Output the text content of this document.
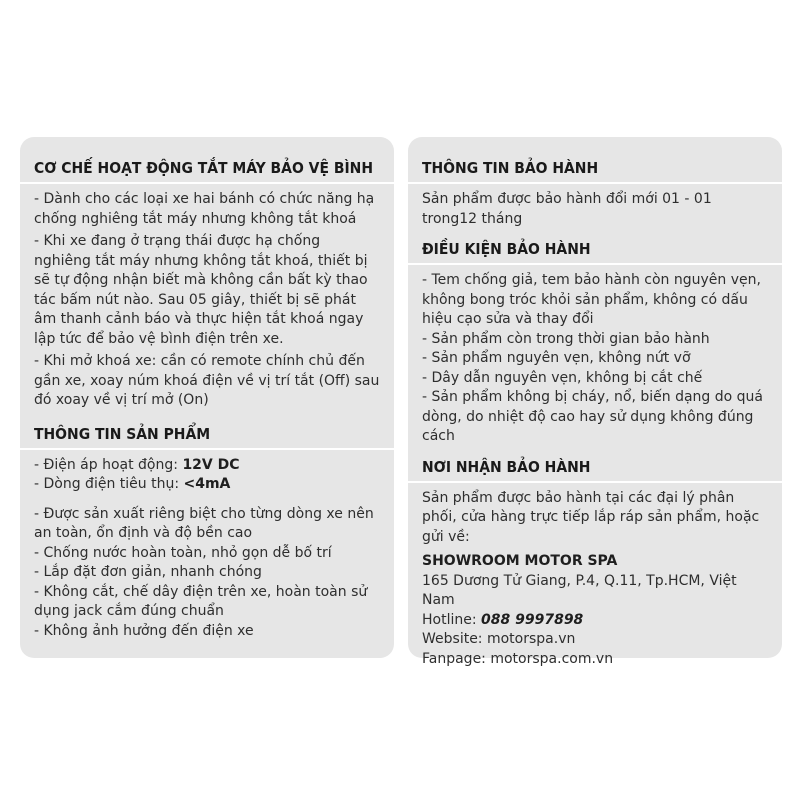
CƠ CHẾ HOẠT ĐỘNG TẮT MÁY BẢO VỆ BÌNH

- Dành cho các loại xe hai bánh có chức năng hạ chống nghiêng tắt máy nhưng không tắt khoá

- Khi xe đang ở trạng thái được hạ chống nghiêng tắt máy nhưng không tắt khoá, thiết bị sẽ tự động nhận biết mà không cần bất kỳ thao tác bấm nút nào. Sau 05 giây, thiết bị sẽ phát âm thanh cảnh báo và thực hiện tắt khoá ngay lập tức để bảo vệ bình điện trên xe.

- Khi mở khoá xe: cần có remote chính chủ đến gần xe, xoay núm khoá điện về vị trí tắt (Off) sau đó xoay về vị trí mở (On)

THÔNG TIN SẢN PHẨM

- Điện áp hoạt động: 12V DC

- Dòng điện tiêu thụ: <4mA

- Được sản xuất riêng biệt cho từng dòng xe nên an toàn, ổn định và độ bền cao

- Chống nước hoàn toàn, nhỏ gọn dễ bố trí

- Lắp đặt đơn giản, nhanh chóng

- Không cắt, chế dây điện trên xe, hoàn toàn sử dụng jack cắm đúng chuẩn

- Không ảnh hưởng đến điện xe

THÔNG TIN BẢO HÀNH

Sản phẩm được bảo hành đổi mới 01 - 01 trong12 tháng

ĐIỀU KIỆN BẢO HÀNH

- Tem chống giả, tem bảo hành còn nguyên vẹn, không bong tróc khỏi sản phẩm, không có dấu hiệu cạo sửa và thay đổi

- Sản phẩm còn trong thời gian bảo hành

- Sản phẩm nguyên vẹn, không nứt vỡ

- Dây dẫn nguyên vẹn, không bị cắt chế

- Sản phẩm không bị cháy, nổ, biến dạng do quá dòng, do nhiệt độ cao hay sử dụng không đúng cách

NƠI NHẬN BẢO HÀNH

Sản phẩm được bảo hành tại các đại lý phân phối, cửa hàng trực tiếp lắp ráp sản phẩm, hoặc gửi về:

SHOWROOM MOTOR SPA

165 Dương Tử Giang, P.4, Q.11, Tp.HCM, Việt Nam

Hotline: 088 9997898

Website: motorspa.vn

Fanpage: motorspa.com.vn
